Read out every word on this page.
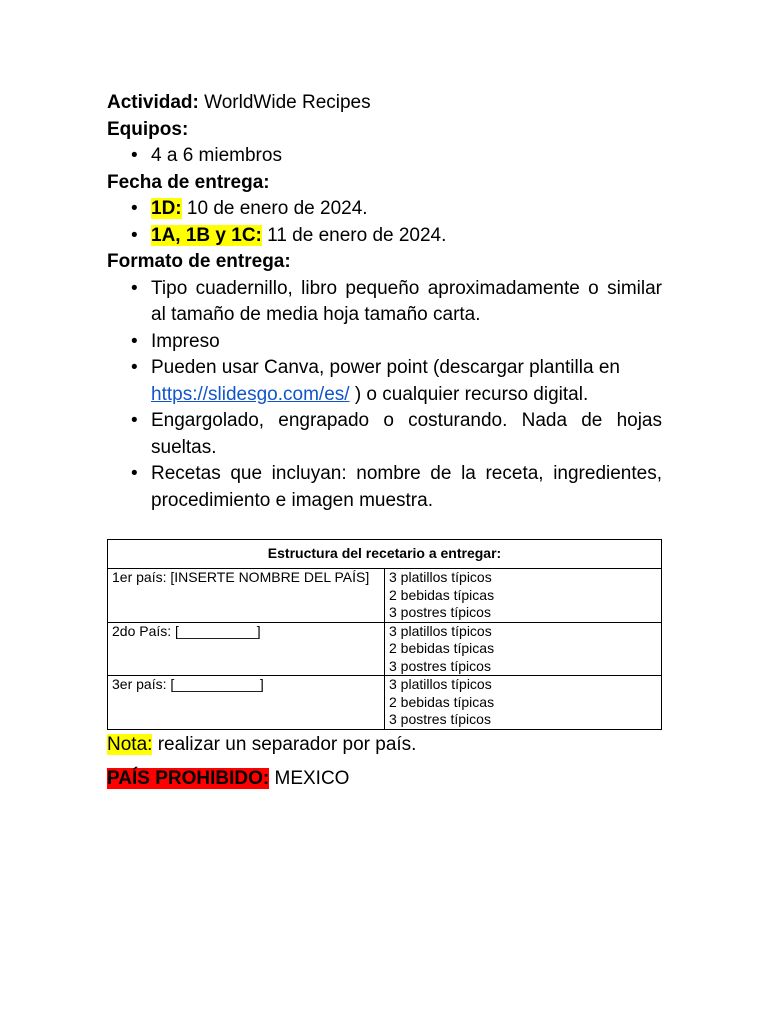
Actividad: WorldWide Recipes

Equipos:

• 4 a 6 miembros

Fecha de entrega:

• 1D: 10 de enero de 2024.
• 1A, 1B y 1C: 11 de enero de 2024.

Formato de entrega:

• Tipo cuadernillo, libro pequeño aproximadamente o similar al tamaño de media hoja tamaño carta.
• Impreso
• Pueden usar Canva, power point (descargar plantilla en https://slidesgo.com/es/ ) o cualquier recurso digital.
• Engargolado, engrapado o costurando. Nada de hojas sueltas.
• Recetas que incluyan: nombre de la receta, ingredientes, procedimiento e imagen muestra.
Estructura del recetario a entregar:	
1er país: [INSERTE NOMBRE DEL PAÍS]	3 platillos típicos
2 bebidas típicas
3 postres típicos

2do País: [__________]	3 platillos típicos
2 bebidas típicas
3 postres típicos

3er país: [___________]	3 platillos típicos
2 bebidas típicas
3 postres típicos

Nota: realizar un separador por país.

PAÍS PROHIBIDO: MEXICO
